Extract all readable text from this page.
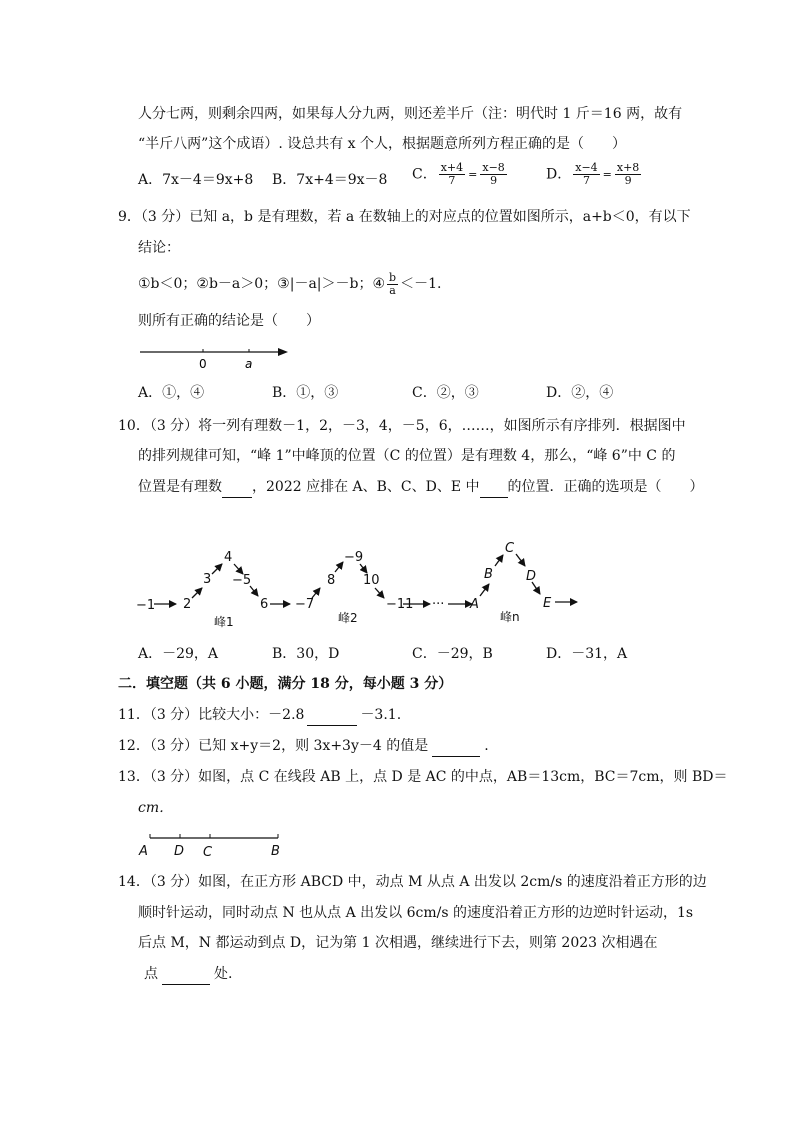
人分七两，则剩余四两，如果每人分九两，则还差半斤（注：明代时 1 斤＝16 两，故有
“半斤八两”这个成语）. 设总共有 x 个人，根据题意所列方程正确的是（　　）
A．7x－4＝9x+8 B．7x+4＝9x－8 C． $\frac{x+4}{7} = \frac{x-8}{9}$	D． $\frac{x-4}{7} = \frac{x+8}{9}$
9．（3 分）已知 a，b 是有理数，若 a 在数轴上的对应点的位置如图所示，a+b＜0，有以下
结论：
①b＜0；②b－a＞0；③|－a|＞－b；④ $\frac{b}{a} <-1$.
则所有正确的结论是（　　）
0	a
A．①，④	B．①，③	C．②，③	D．②，④
10．（3 分）将一列有理数－1，2，－3，4，－5，6，……，如图所示有序排列．根据图中
的排列规律可知，“峰 1”中峰顶的位置（C 的位置）是有理数 4，那么，“峰 6”中 C 的
位置是有理数 ，2022 应排在 A、B、C、D、E 中 的位置．正确的选项是（　　）
−1 2
3
4
−5
6 −7
8
−9
10
−11 ··· A
B
C
D
E
峰1	峰2	峰n
A．－29，A	B．30，D	C．－29，B	D．－31，A
二．填空题（共 6 小题，满分 18 分，每小题 3 分）
11．（3 分）比较大小：－2.8	－3.1.
12．（3 分）已知 x+y＝2，则 3x+3y－4 的值是	.
13．（3 分）如图，点 C 在线段 AB 上，点 D 是 AC 的中点，AB＝13cm，BC＝7cm，则 BD＝
cm．
A D C	B
14．（3 分）如图，在正方形 ABCD 中，动点 M 从点 A 出发以 2cm/s 的速度沿着正方形的边
顺时针运动，同时动点 N 也从点 A 出发以 6cm/s 的速度沿着正方形的边逆时针运动，1s
后点 M，N 都运动到点 D，记为第 1 次相遇，继续进行下去，则第 2023 次相遇在
点	处.
